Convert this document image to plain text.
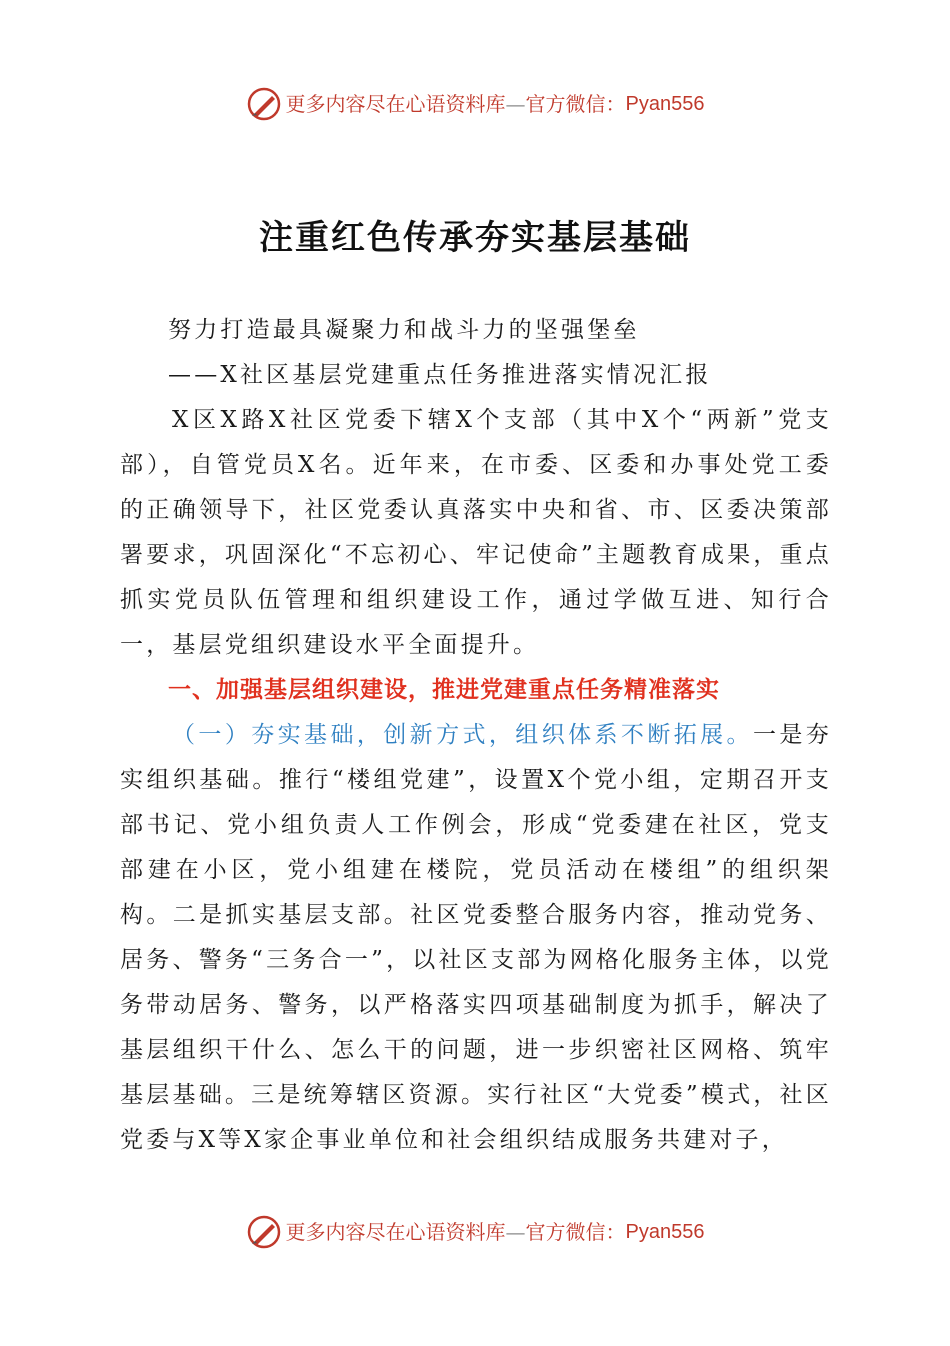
更多内容尽在心语资料库 — 官方微信： Pyan556
注重红色传承夯实基层基础
努力打造最具凝聚力和战斗力的坚强堡垒
——X社区基层党建重点任务推进落实情况汇报
X区X路X社区党委下辖X个支部（其中X个“两新”党支部），自管党员X名。近年来，在市委、区委和办事处党工委的正确领导下，社区党委认真落实中央和省、市、区委决策部署要求，巩固深化“不忘初心、牢记使命”主题教育成果，重点抓实党员队伍管理和组织建设工作，通过学做互进、知行合一，基层党组织建设水平全面提升。
一、加强基层组织建设，推进党建重点任务精准落实
（一）夯实基础，创新方式，组织体系不断拓展。一是夯实组织基础。推行“楼组党建”，设置X个党小组，定期召开支部书记、党小组负责人工作例会，形成“党委建在社区，党支部建在小区，党小组建在楼院，党员活动在楼组”的组织架构。二是抓实基层支部。社区党委整合服务内容，推动党务、居务、警务“三务合一”，以社区支部为网格化服务主体，以党务带动居务、警务，以严格落实四项基础制度为抓手，解决了基层组织干什么、怎么干的问题，进一步织密社区网格、筑牢基层基础。三是统筹辖区资源。实行社区“大党委”模式，社区党委与X等X家企事业单位和社会组织结成服务共建对子，
更多内容尽在心语资料库 — 官方微信： Pyan556
